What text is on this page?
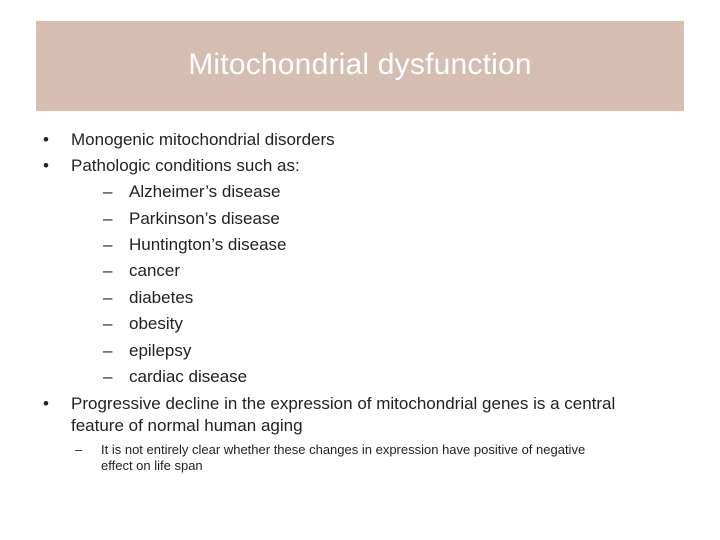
Mitochondrial dysfunction
• Monogenic mitochondrial disorders
• Pathologic conditions such as:
– Alzheimer’s disease
– Parkinson’s disease
– Huntington’s disease
– cancer
– diabetes
– obesity
– epilepsy
– cardiac disease
• Progressive decline in the expression of mitochondrial genes is a central
feature of normal human aging
– It is not entirely clear whether these changes in expression have positive of negative
effect on life span
